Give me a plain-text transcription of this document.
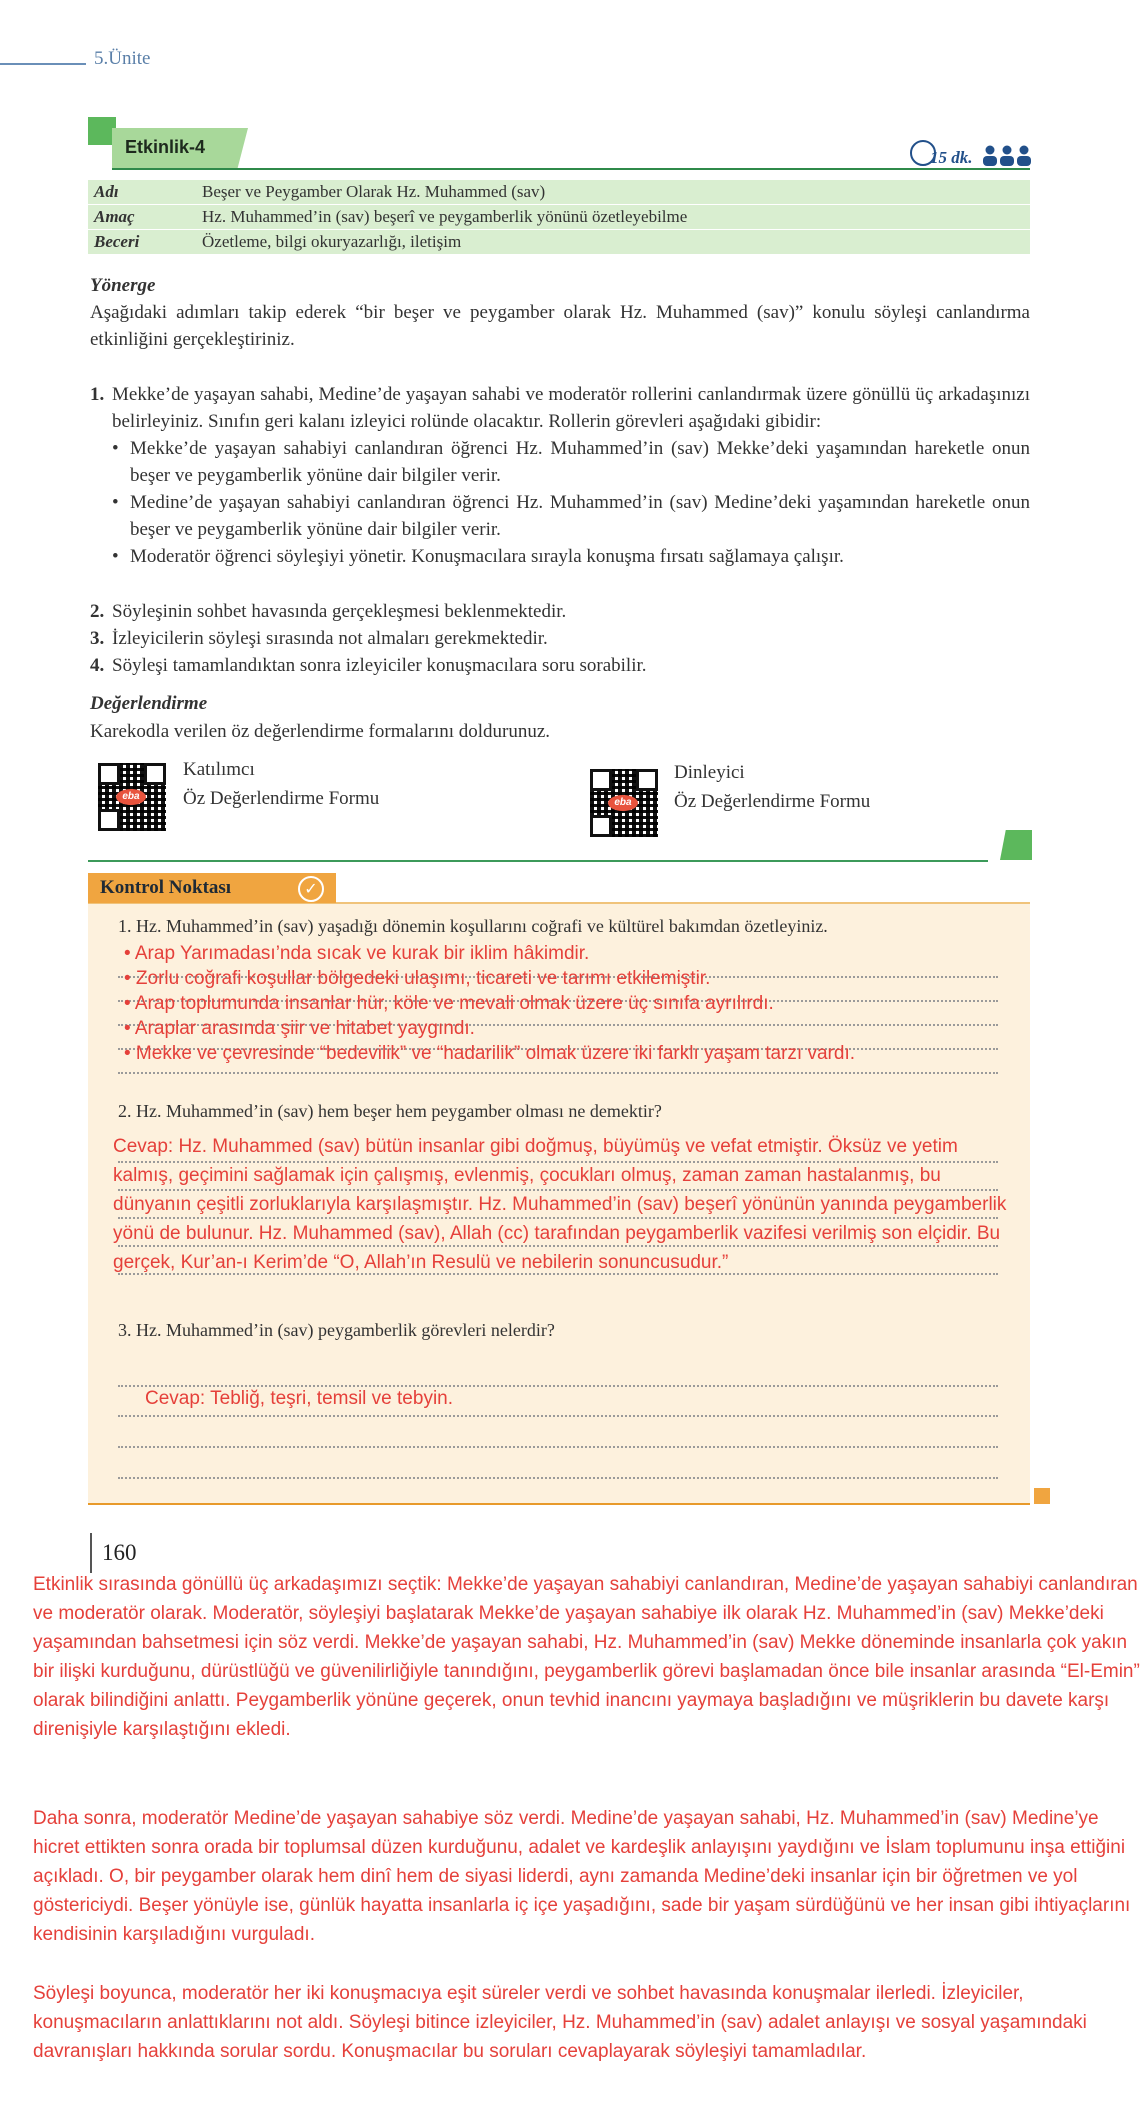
5.Ünite
Etkinlik-4
15 dk.
Adı	Beşer ve Peygamber Olarak Hz. Muhammed (sav)
Amaç	Hz. Muhammed’in (sav) beşerî ve peygamberlik yönünü özetleyebilme
Beceri	Özetleme, bilgi okuryazarlığı, iletişim
Yönerge
Aşağıdaki adımları takip ederek “bir beşer ve peygamber olarak Hz. Muhammed (sav)” konulu söyleşi canlandırma etkinliğini gerçekleştiriniz.
1. Mekke’de yaşayan sahabi, Medine’de yaşayan sahabi ve moderatör rollerini canlandırmak üzere gönüllü üç arkadaşınızı belirleyiniz. Sınıfın geri kalanı izleyici rolünde olacaktır. Rollerin görevleri aşağıdaki gibidir:
• Mekke’de yaşayan sahabiyi canlandıran öğrenci Hz. Muhammed’in (sav) Mekke’deki yaşamından hareketle onun beşer ve peygamberlik yönüne dair bilgiler verir.
• Medine’de yaşayan sahabiyi canlandıran öğrenci Hz. Muhammed’in (sav) Medine’deki yaşamından hareketle onun beşer ve peygamberlik yönüne dair bilgiler verir.
• Moderatör öğrenci söyleşiyi yönetir. Konuşmacılara sırayla konuşma fırsatı sağlamaya çalışır.
2. Söyleşinin sohbet havasında gerçekleşmesi beklenmektedir.
3. İzleyicilerin söyleşi sırasında not almaları gerekmektedir.
4. Söyleşi tamamlandıktan sonra izleyiciler konuşmacılara soru sorabilir.
Değerlendirme
Karekodla verilen öz değerlendirme formalarını doldurunuz.
eba
Katılımcı
Öz Değerlendirme Formu	eba
Dinleyici
Öz Değerlendirme Formu
Kontrol Noktası	✓
1. Hz. Muhammed’in (sav) yaşadığı dönemin koşullarını coğrafi ve kültürel bakımdan özetleyiniz.
• Arap Yarımadası’nda sıcak ve kurak bir iklim hâkimdir.
• Zorlu coğrafi koşullar bölgedeki ulaşımı, ticareti ve tarımı etkilemiştir.
• Arap toplumunda insanlar hür, köle ve mevali olmak üzere üç sınıfa ayrılırdı.
• Araplar arasında şiir ve hitabet yaygındı.
• Mekke ve çevresinde “bedevilik” ve “hadarilik” olmak üzere iki farklı yaşam tarzı vardı.
2. Hz. Muhammed’in (sav) hem beşer hem peygamber olması ne demektir?
Cevap: Hz. Muhammed (sav) bütün insanlar gibi doğmuş, büyümüş ve vefat etmiştir. Öksüz ve yetim
kalmış, geçimini sağlamak için çalışmış, evlenmiş, çocukları olmuş, zaman zaman hastalanmış, bu
dünyanın çeşitli zorluklarıyla karşılaşmıştır. Hz. Muhammed’in (sav) beşerî yönünün yanında peygamberlik
yönü de bulunur. Hz. Muhammed (sav), Allah (cc) tarafından peygamberlik vazifesi verilmiş son elçidir. Bu
gerçek, Kur’an-ı Kerim’de “O, Allah’ın Resulü ve nebilerin sonuncusudur.”
3. Hz. Muhammed’in (sav) peygamberlik görevleri nelerdir?
Cevap: Tebliğ, teşri, temsil ve tebyin.
160
Etkinlik sırasında gönüllü üç arkadaşımızı seçtik: Mekke’de yaşayan sahabiyi canlandıran, Medine’de yaşayan sahabiyi canlandıran ve moderatör olarak. Moderatör, söyleşiyi başlatarak Mekke’de yaşayan sahabiye ilk olarak Hz. Muhammed’in (sav) Mekke’deki yaşamından bahsetmesi için söz verdi. Mekke’de yaşayan sahabi, Hz. Muhammed’in (sav) Mekke döneminde insanlarla çok yakın bir ilişki kurduğunu, dürüstlüğü ve güvenilirliğiyle tanındığını, peygamberlik görevi başlamadan önce bile insanlar arasında “El-Emin” olarak bilindiğini anlattı. Peygamberlik yönüne geçerek, onun tevhid inancını yaymaya başladığını ve müşriklerin bu davete karşı direnişiyle karşılaştığını ekledi.
Daha sonra, moderatör Medine’de yaşayan sahabiye söz verdi. Medine’de yaşayan sahabi, Hz. Muhammed’in (sav) Medine’ye hicret ettikten sonra orada bir toplumsal düzen kurduğunu, adalet ve kardeşlik anlayışını yaydığını ve İslam toplumunu inşa ettiğini açıkladı. O, bir peygamber olarak hem dinî hem de siyasi liderdi, aynı zamanda Medine’deki insanlar için bir öğretmen ve yol göstericiydi. Beşer yönüyle ise, günlük hayatta insanlarla iç içe yaşadığını, sade bir yaşam sürdüğünü ve her insan gibi ihtiyaçlarını kendisinin karşıladığını vurguladı.
Söyleşi boyunca, moderatör her iki konuşmacıya eşit süreler verdi ve sohbet havasında konuşmalar ilerledi. İzleyiciler, konuşmacıların anlattıklarını not aldı. Söyleşi bitince izleyiciler, Hz. Muhammed’in (sav) adalet anlayışı ve sosyal yaşamındaki davranışları hakkında sorular sordu. Konuşmacılar bu soruları cevaplayarak söyleşiyi tamamladılar.
